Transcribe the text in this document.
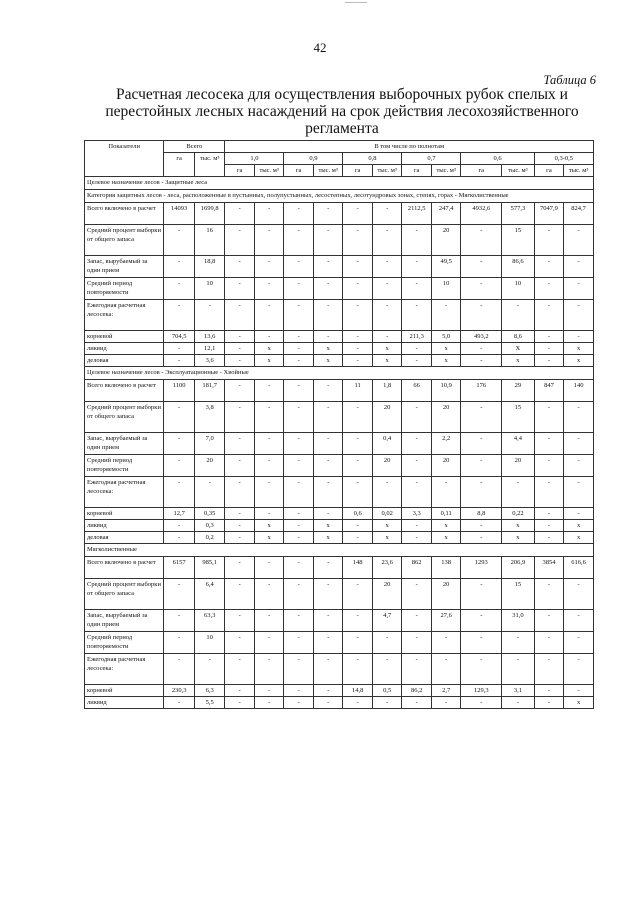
42
Таблица 6
Расчетная лесосека для осуществления выборочных рубок спелых и перестойных лесных насаждений на срок действия лесохозяйственного регламента
Показатели	Всего		В том числе по полнотам											
	га	тыс. м³	1,0		0,9		0,8		0,7		0,6		0,3-0,5	
			га	тыс. м³	га	тыс. м³	га	тыс. м³	га	тыс. м³	га	тыс. м³	га	тыс. м³
Целевое назначение лесов - Защитные леса														
Категория защитных лесов - леса, расположенные в пустынных, полупустынных, лесостепных, лесотундровых зонах, степях, горах - Мягколиственные														
Всего включено в расчет	14093	1699,8	-	-	-	-	-	-	2112,5	247,4	4932,6	577,3	7047,9	824,7
Средний процент выборки от общего запаса	-	16	-	-	-	-	-	-	-	20	-	15	-	-
Запас, вырубаемый за один прием	-	18,8	-	-	-	-	-	-	-	49,5	-	86,6	-	-
Средний период повторяемости	-	10	-	-	-	-	-	-	-	10	-	10	-	-
Ежегодная расчетная лесосека:	-	-	-	-	-	-	-	-	-	-	-	-	-	-
корневой	704,5	13,6	-	-	-	-	-	-	211,3	5,0	493,2	8,6	-	-
ликвид	-	12,1	-	x	-	x	-	x	-	x	-	X	-	x
деловая	-	3,6	-	x	-	x	-	x	-	x	-	x	-	x
Целевое назначение лесов - Эксплуатационные - Хвойные														
Всего включено в расчет	1100	181,7	-	-	-	-	11	1,8	66	10,9	176	29	847	140
Средний процент выборки от общего запаса	-	3,8	-	-	-	-	-	20	-	20	-	15	-	-
Запас, вырубаемый за один прием	-	7,0	-	-	-	-	-	0,4	-	2,2	-	4,4	-	-
Средний период повторяемости	-	20	-	-	-	-	-	20	-	20	-	20	-	-
Ежегодная расчетная лесосека:	-	-	-	-	-	-	-	-	-	-	-	-	-	-
корневой	12,7	0,35	-	-	-	-	0,6	0,02	3,3	0,11	8,8	0,22	-	-
ликвид	-	0,3	-	x	-	x	-	x	-	x	-	x	-	x
деловая	-	0,2	-	x	-	x	-	x	-	x	-	x	-	x
Мягколиственные														
Всего включено в расчет	6157	985,1	-	-	-	-	148	23,6	862	138	1293	206,9	3854	616,6
Средний процент выборки от общего запаса	-	6,4	-	-	-	-	-	20	-	20	-	15	-	-
Запас, вырубаемый за один прием	-	63,3	-	-	-	-	-	4,7	-	27,6	-	31,0	-	-
Средний период повторяемости	-	10	-	-	-	-	-	-	-	-	-	-	-	-
Ежегодная расчетная лесосека:	-	-	-	-	-	-	-	-	-	-	-	-	-	-
корневой	230,3	6,3	-	-	-	-	14,8	0,5	86,2	2,7	129,3	3,1	-	-
ликвид	-	5,5	-	-	-	-	-	-	-	-	-	-	-	x
